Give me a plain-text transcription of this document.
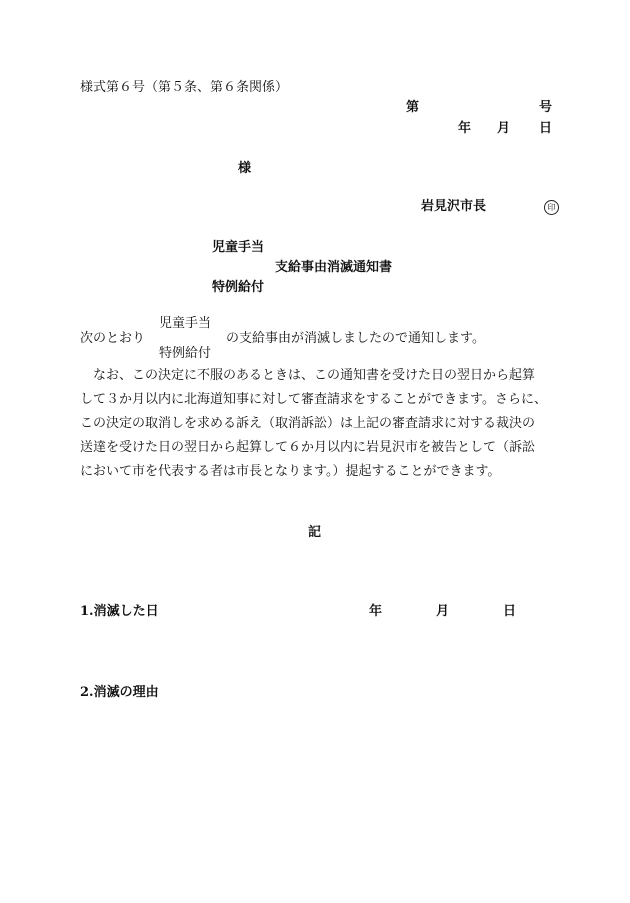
様式第６号（第５条、第６条関係）
第	号
年 月 日
様
岩見沢市長	印
児童手当
支給事由消滅通知書
特例給付
児童手当
次のとおり	の支給事由が消滅しましたので通知します。
特例給付

　なお、この決定に不服のあるときは、この通知書を受けた日の翌日から起算

して３か月以内に北海道知事に対して審査請求をすることができます。さらに、

この決定の取消しを求める訴え（取消訴訟）は上記の審査請求に対する裁決の

送達を受けた日の翌日から起算して６か月以内に岩見沢市を被告として（訴訟

において市を代表する者は市長となります。）提起することができます。

記
1.消滅した日	年	月	日
2.消滅の理由
